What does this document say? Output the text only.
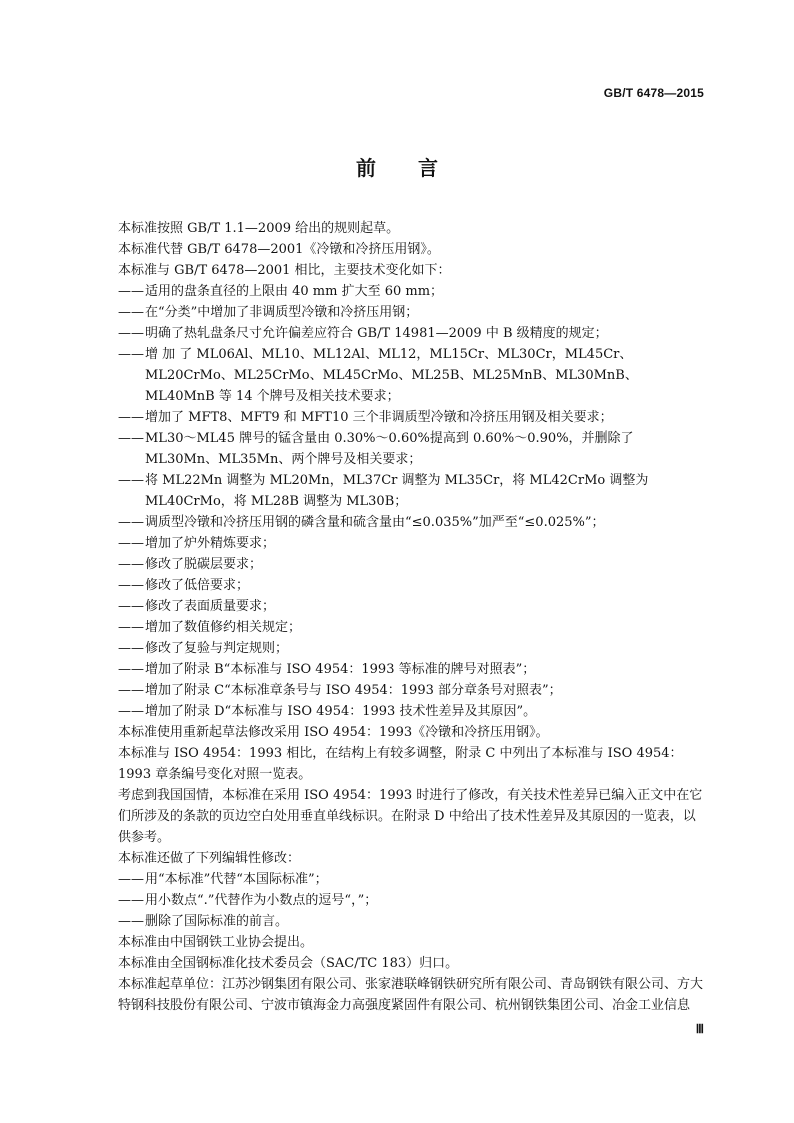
GB/T 6478—2015
前言

本标准按照 GB/T 1.1—2009 给出的规则起草。

本标准代替 GB/T 6478—2001《冷镦和冷挤压用钢》。

本标准与 GB/T 6478—2001 相比，主要技术变化如下：

—— 适用的盘条直径的上限由 40 mm 扩大至 60 mm；
—— 在“分类”中增加了非调质型冷镦和冷挤压用钢；
—— 明确了热轧盘条尺寸允许偏差应符合 GB/T 14981—2009 中 B 级精度的规定；
—— 增 加 了 ML06Al、ML10、ML12Al、ML12，ML15Cr、ML30Cr，ML45Cr、ML20CrMo、ML25CrMo、ML45CrMo、ML25B、ML25MnB、ML30MnB、ML40MnB 等 14 个牌号及相关技术要求；
—— 增加了 MFT8、MFT9 和 MFT10 三个非调质型冷镦和冷挤压用钢及相关要求；
—— ML30～ML45 牌号的锰含量由 0.30%～0.60%提高到 0.60%～0.90%，并删除了 ML30Mn、ML35Mn、两个牌号及相关要求；
—— 将 ML22Mn 调整为 ML20Mn，ML37Cr 调整为 ML35Cr，将 ML42CrMo 调整为 ML40CrMo，将 ML28B 调整为 ML30B；
—— 调质型冷镦和冷挤压用钢的磷含量和硫含量由“≤0.035%”加严至“≤0.025%”；
—— 增加了炉外精炼要求；
—— 修改了脱碳层要求；
—— 修改了低倍要求；
—— 修改了表面质量要求；
—— 增加了数值修约相关规定；
—— 修改了复验与判定规则；
—— 增加了附录 B“本标准与 ISO 4954：1993 等标准的牌号对照表”；
—— 增加了附录 C“本标准章条号与 ISO 4954：1993 部分章条号对照表”；
—— 增加了附录 D“本标准与 ISO 4954：1993 技术性差异及其原因”。

本标准使用重新起草法修改采用 ISO 4954：1993《冷镦和冷挤压用钢》。

本标准与 ISO 4954：1993 相比，在结构上有较多调整，附录 C 中列出了本标准与 ISO 4954：1993 章条编号变化对照一览表。

考虑到我国国情，本标准在采用 ISO 4954：1993 时进行了修改，有关技术性差异已编入正文中在它们所涉及的条款的页边空白处用垂直单线标识。在附录 D 中给出了技术性差异及其原因的一览表，以供参考。

本标准还做了下列编辑性修改：

—— 用“本标准”代替“本国际标准”；
—— 用小数点“.”代替作为小数点的逗号“，”；
—— 删除了国际标准的前言。

本标准由中国钢铁工业协会提出。

本标准由全国钢标准化技术委员会（SAC/TC 183）归口。

本标准起草单位：江苏沙钢集团有限公司、张家港联峰钢铁研究所有限公司、青岛钢铁有限公司、方大特钢科技股份有限公司、宁波市镇海金力高强度紧固件有限公司、杭州钢铁集团公司、冶金工业信息

Ⅲ
